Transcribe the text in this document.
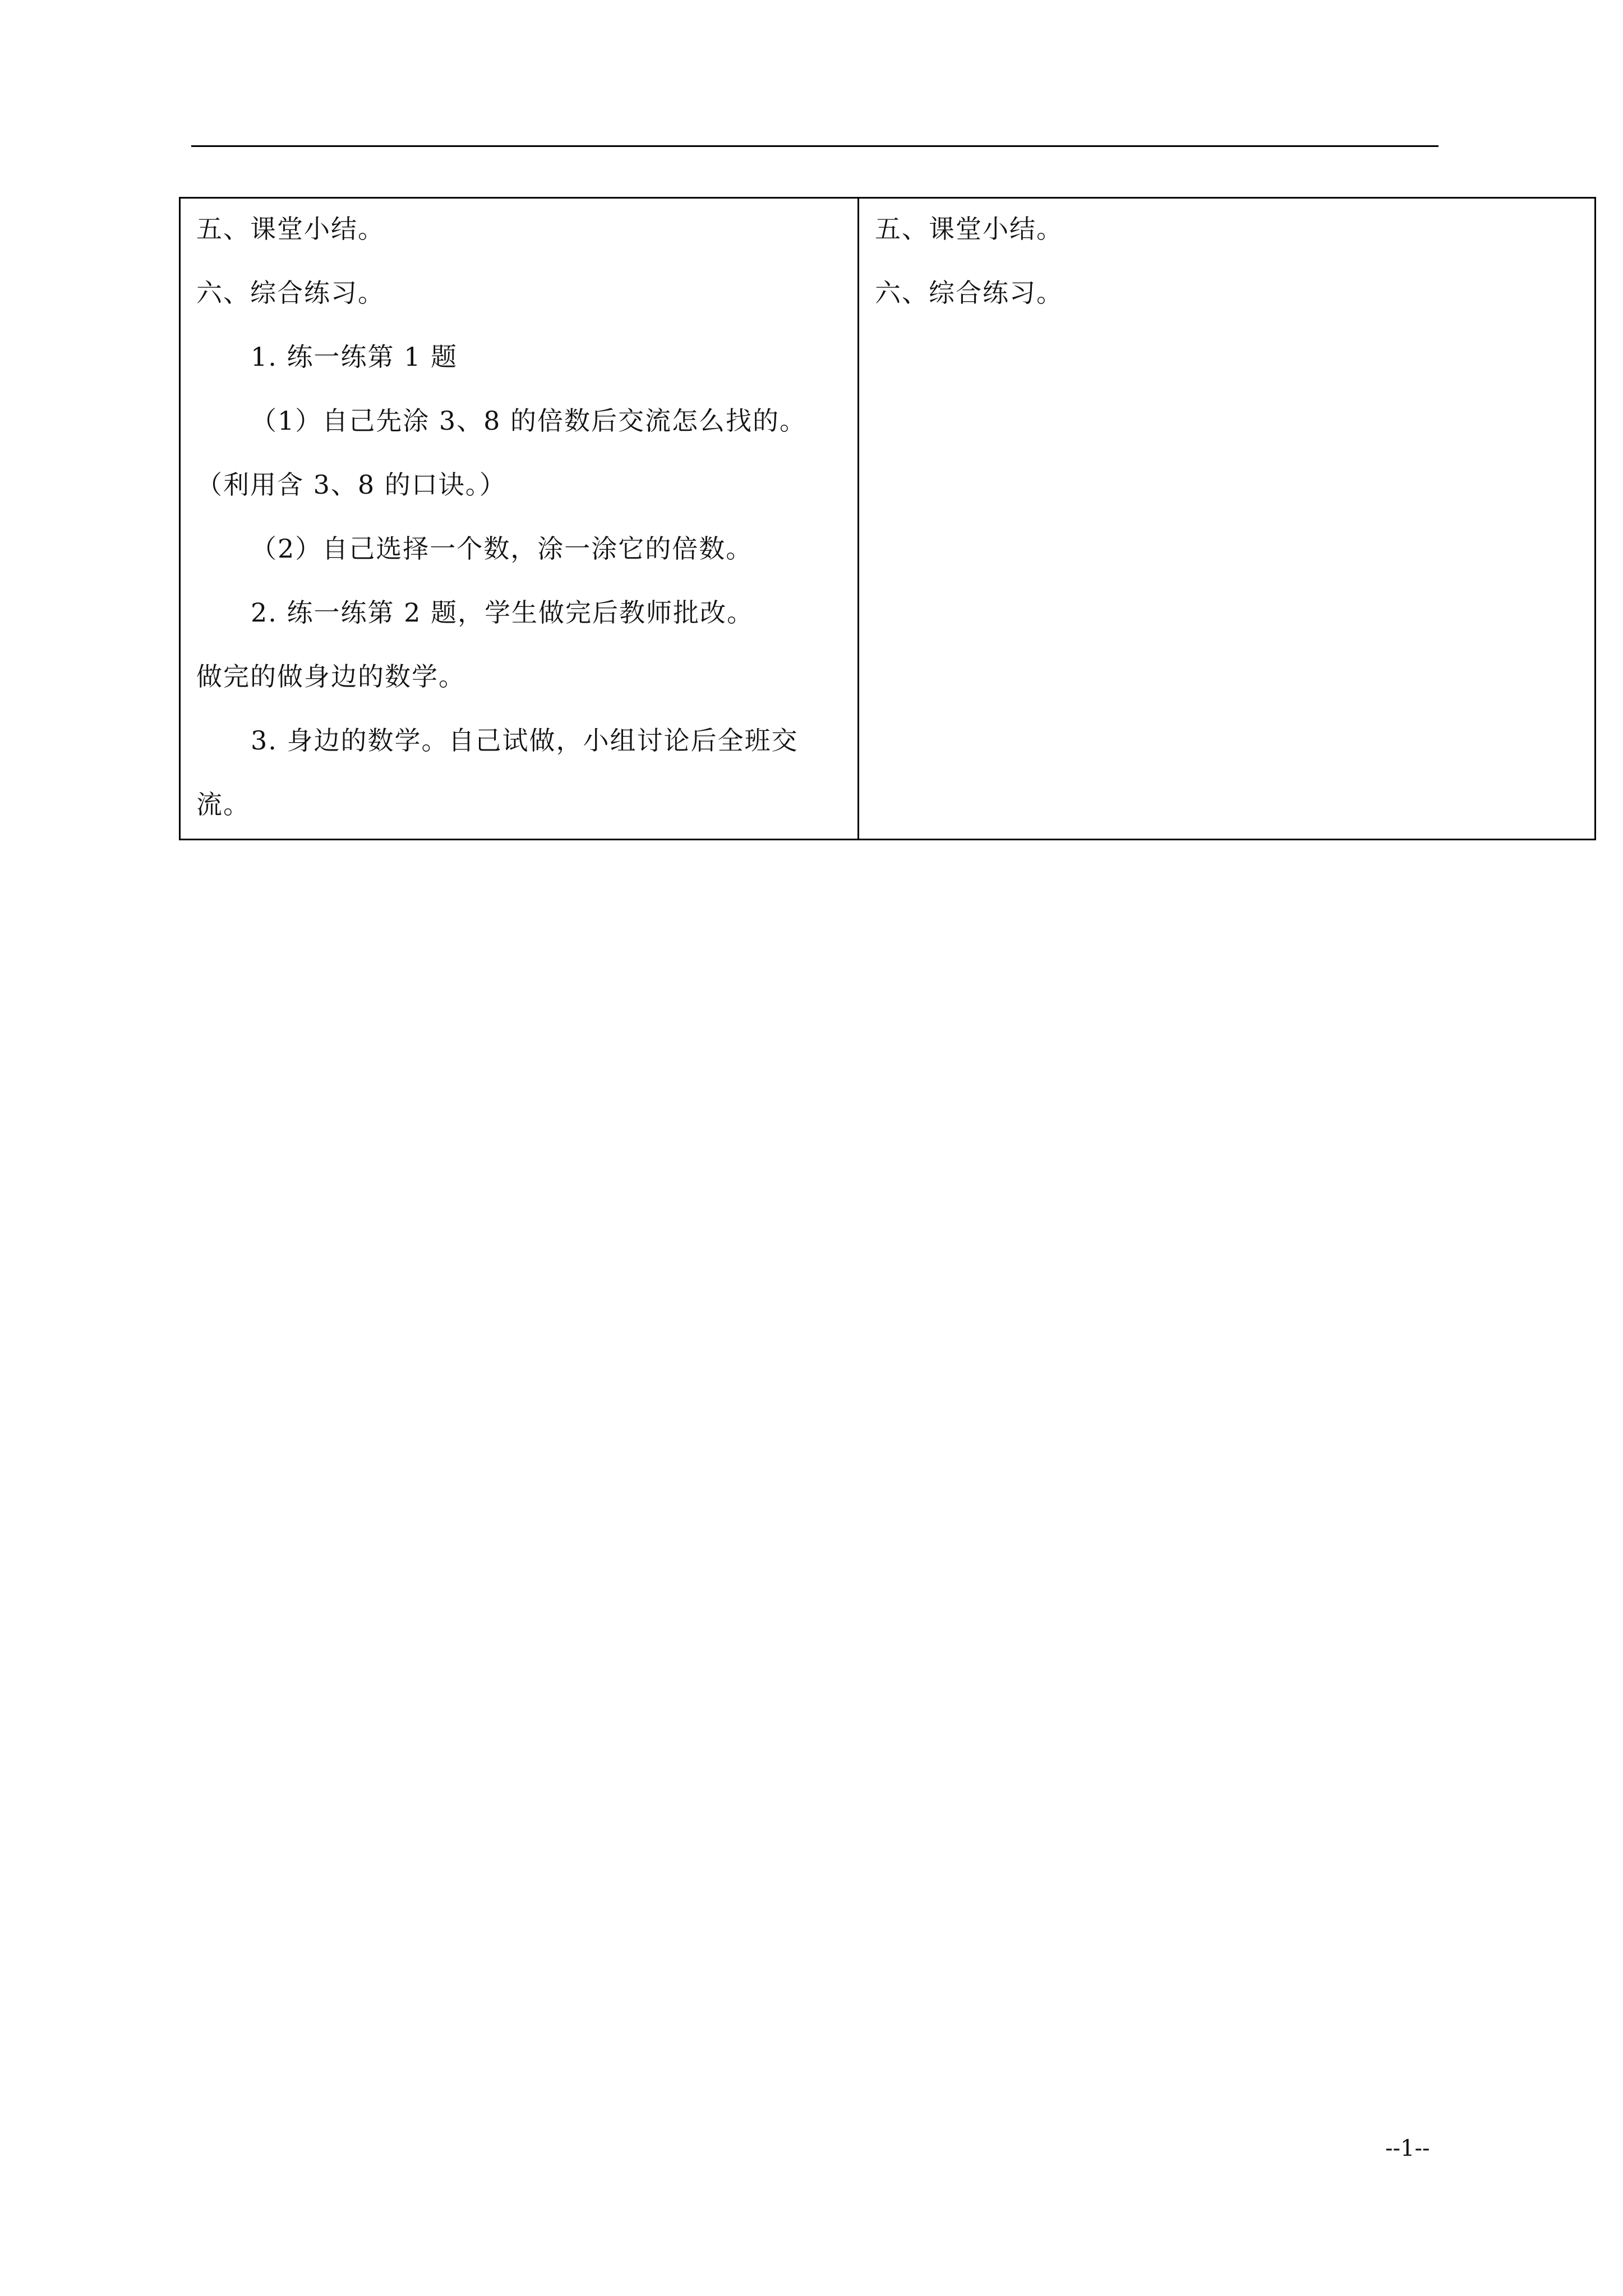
五、课堂小结。
六、综合练习。
1. 练一练第 1 题
（1）自己先涂 3、8 的倍数后交流怎么找的。
（利用含 3、8 的口诀。）
（2）自己选择一个数，涂一涂它的倍数。
2. 练一练第 2 题，学生做完后教师批改。
做完的做身边的数学。
3. 身边的数学。自己试做，小组讨论后全班交
流。
五、课堂小结。
六、综合练习。
--1--
